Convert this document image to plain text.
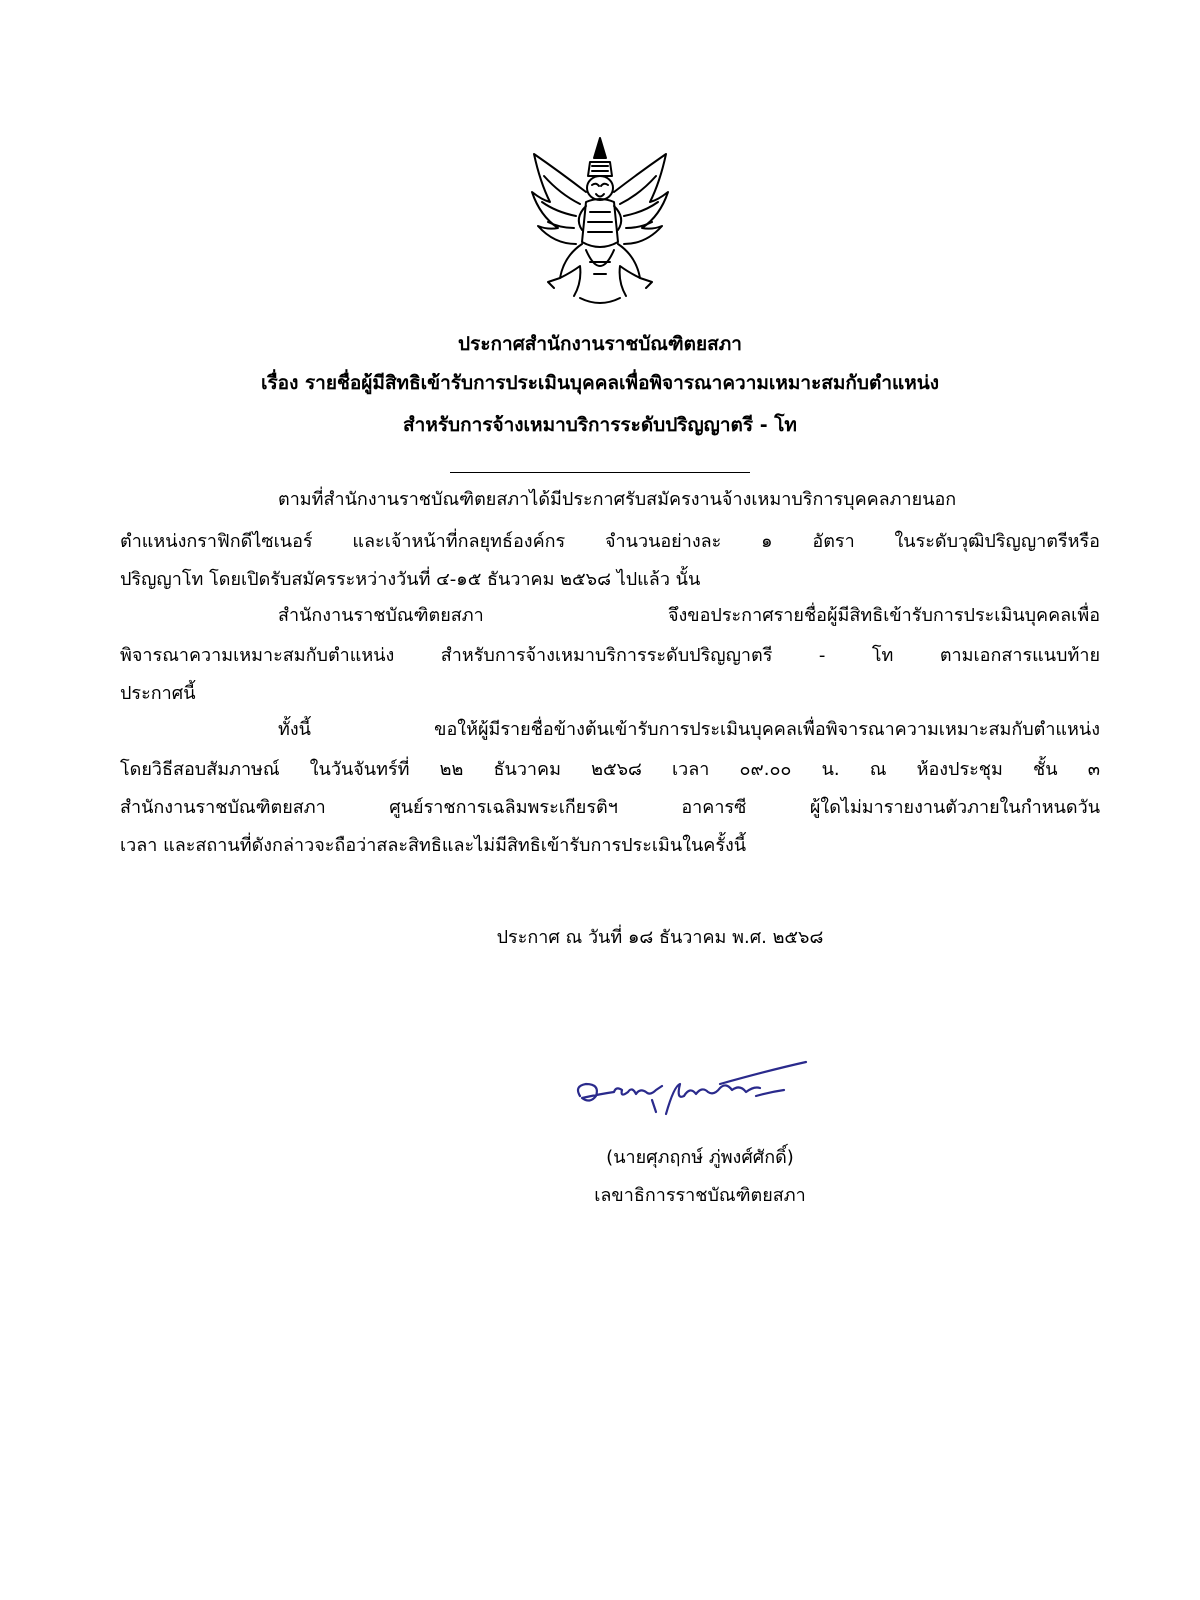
ประกาศสำนักงานราชบัณฑิตยสภา
เรื่อง รายชื่อผู้มีสิทธิเข้ารับการประเมินบุคคลเพื่อพิจารณาความเหมาะสมกับตำแหน่ง
สำหรับการจ้างเหมาบริการระดับปริญญาตรี - โท
ตามที่สำนักงานราชบัณฑิตยสภาได้มีประกาศรับสมัครงานจ้างเหมาบริการบุคคลภายนอก
ตำแหน่งกราฟิกดีไซเนอร์ และเจ้าหน้าที่กลยุทธ์องค์กร จำนวนอย่างละ ๑ อัตรา ในระดับวุฒิปริญญาตรีหรือ
ปริญญาโท โดยเปิดรับสมัครระหว่างวันที่ ๔-๑๕ ธันวาคม ๒๕๖๘ ไปแล้ว นั้น
สำนักงานราชบัณฑิตยสภา จึงขอประกาศรายชื่อผู้มีสิทธิเข้ารับการประเมินบุคคลเพื่อ
พิจารณาความเหมาะสมกับตำแหน่ง สำหรับการจ้างเหมาบริการระดับปริญญาตรี - โท ตามเอกสารแนบท้าย
ประกาศนี้
ทั้งนี้ ขอให้ผู้มีรายชื่อข้างต้นเข้ารับการประเมินบุคคลเพื่อพิจารณาความเหมาะสมกับตำแหน่ง
โดยวิธีสอบสัมภาษณ์ ในวันจันทร์ที่ ๒๒ ธันวาคม ๒๕๖๘ เวลา ๐๙.๐๐ น. ณ ห้องประชุม ชั้น ๓
สำนักงานราชบัณฑิตยสภา ศูนย์ราชการเฉลิมพระเกียรติฯ อาคารซี ผู้ใดไม่มารายงานตัวภายในกำหนดวัน
เวลา และสถานที่ดังกล่าวจะถือว่าสละสิทธิและไม่มีสิทธิเข้ารับการประเมินในครั้งนี้
ประกาศ ณ วันที่ ๑๘ ธันวาคม พ.ศ. ๒๕๖๘
(นายศุภฤกษ์ ภู่พงศ์ศักดิ์)
เลขาธิการราชบัณฑิตยสภา
